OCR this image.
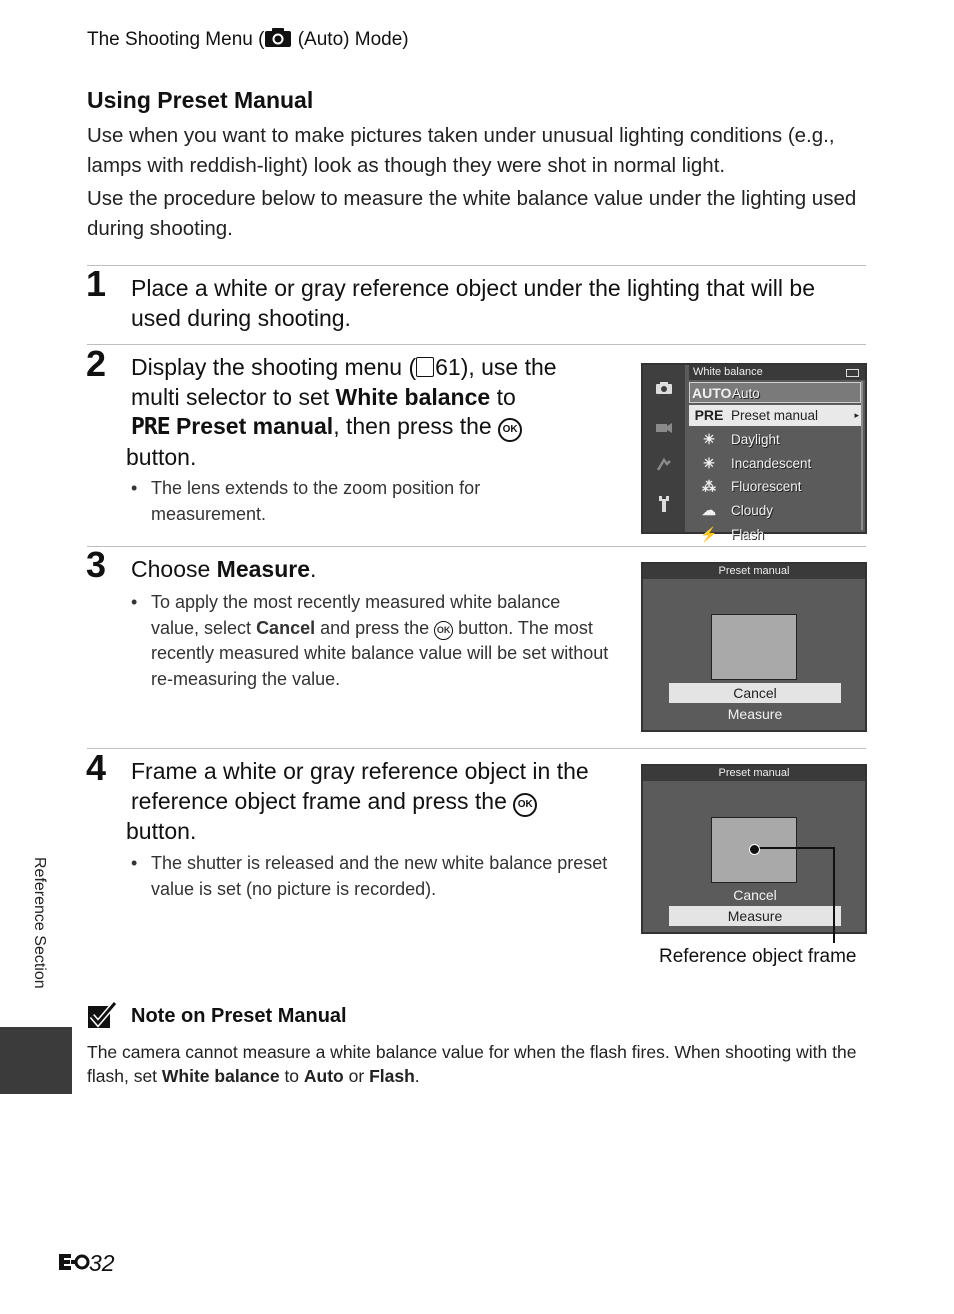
The Shooting Menu ( (Auto) Mode)
Using Preset Manual
Use when you want to make pictures taken under unusual lighting conditions (e.g., lamps with reddish-light) look as though they were shot in normal light.
Use the procedure below to measure the white balance value under the lighting used during shooting.
1 Place a white or gray reference object under the lighting that will be used during shooting.
2 Display the shooting menu ( 61), use the multi selector to set White balance to
PRE Preset manual, then press the OK
button.
• The lens extends to the zoom position for measurement.
White balance
AUTO Auto
PRE Preset manual	▸
☀	Daylight
✳	Incandescent
⁂	Fluorescent
☁	Cloudy
⚡ Flash
3 Choose Measure.
• To apply the most recently measured white balance value, select Cancel and press the OK button. The most recently measured white balance value will be set without re-measuring the value.
Preset manual
Cancel
Measure
4 Frame a white or gray reference object in the reference object frame and press the OK
button.
• The shutter is released and the new white balance preset value is set (no picture is recorded).
Preset manual
Cancel
Measure
Reference object frame
Note on Preset Manual
The camera cannot measure a white balance value for when the flash fires. When shooting with the flash, set White balance to Auto or Flash.
Reference Section
32
